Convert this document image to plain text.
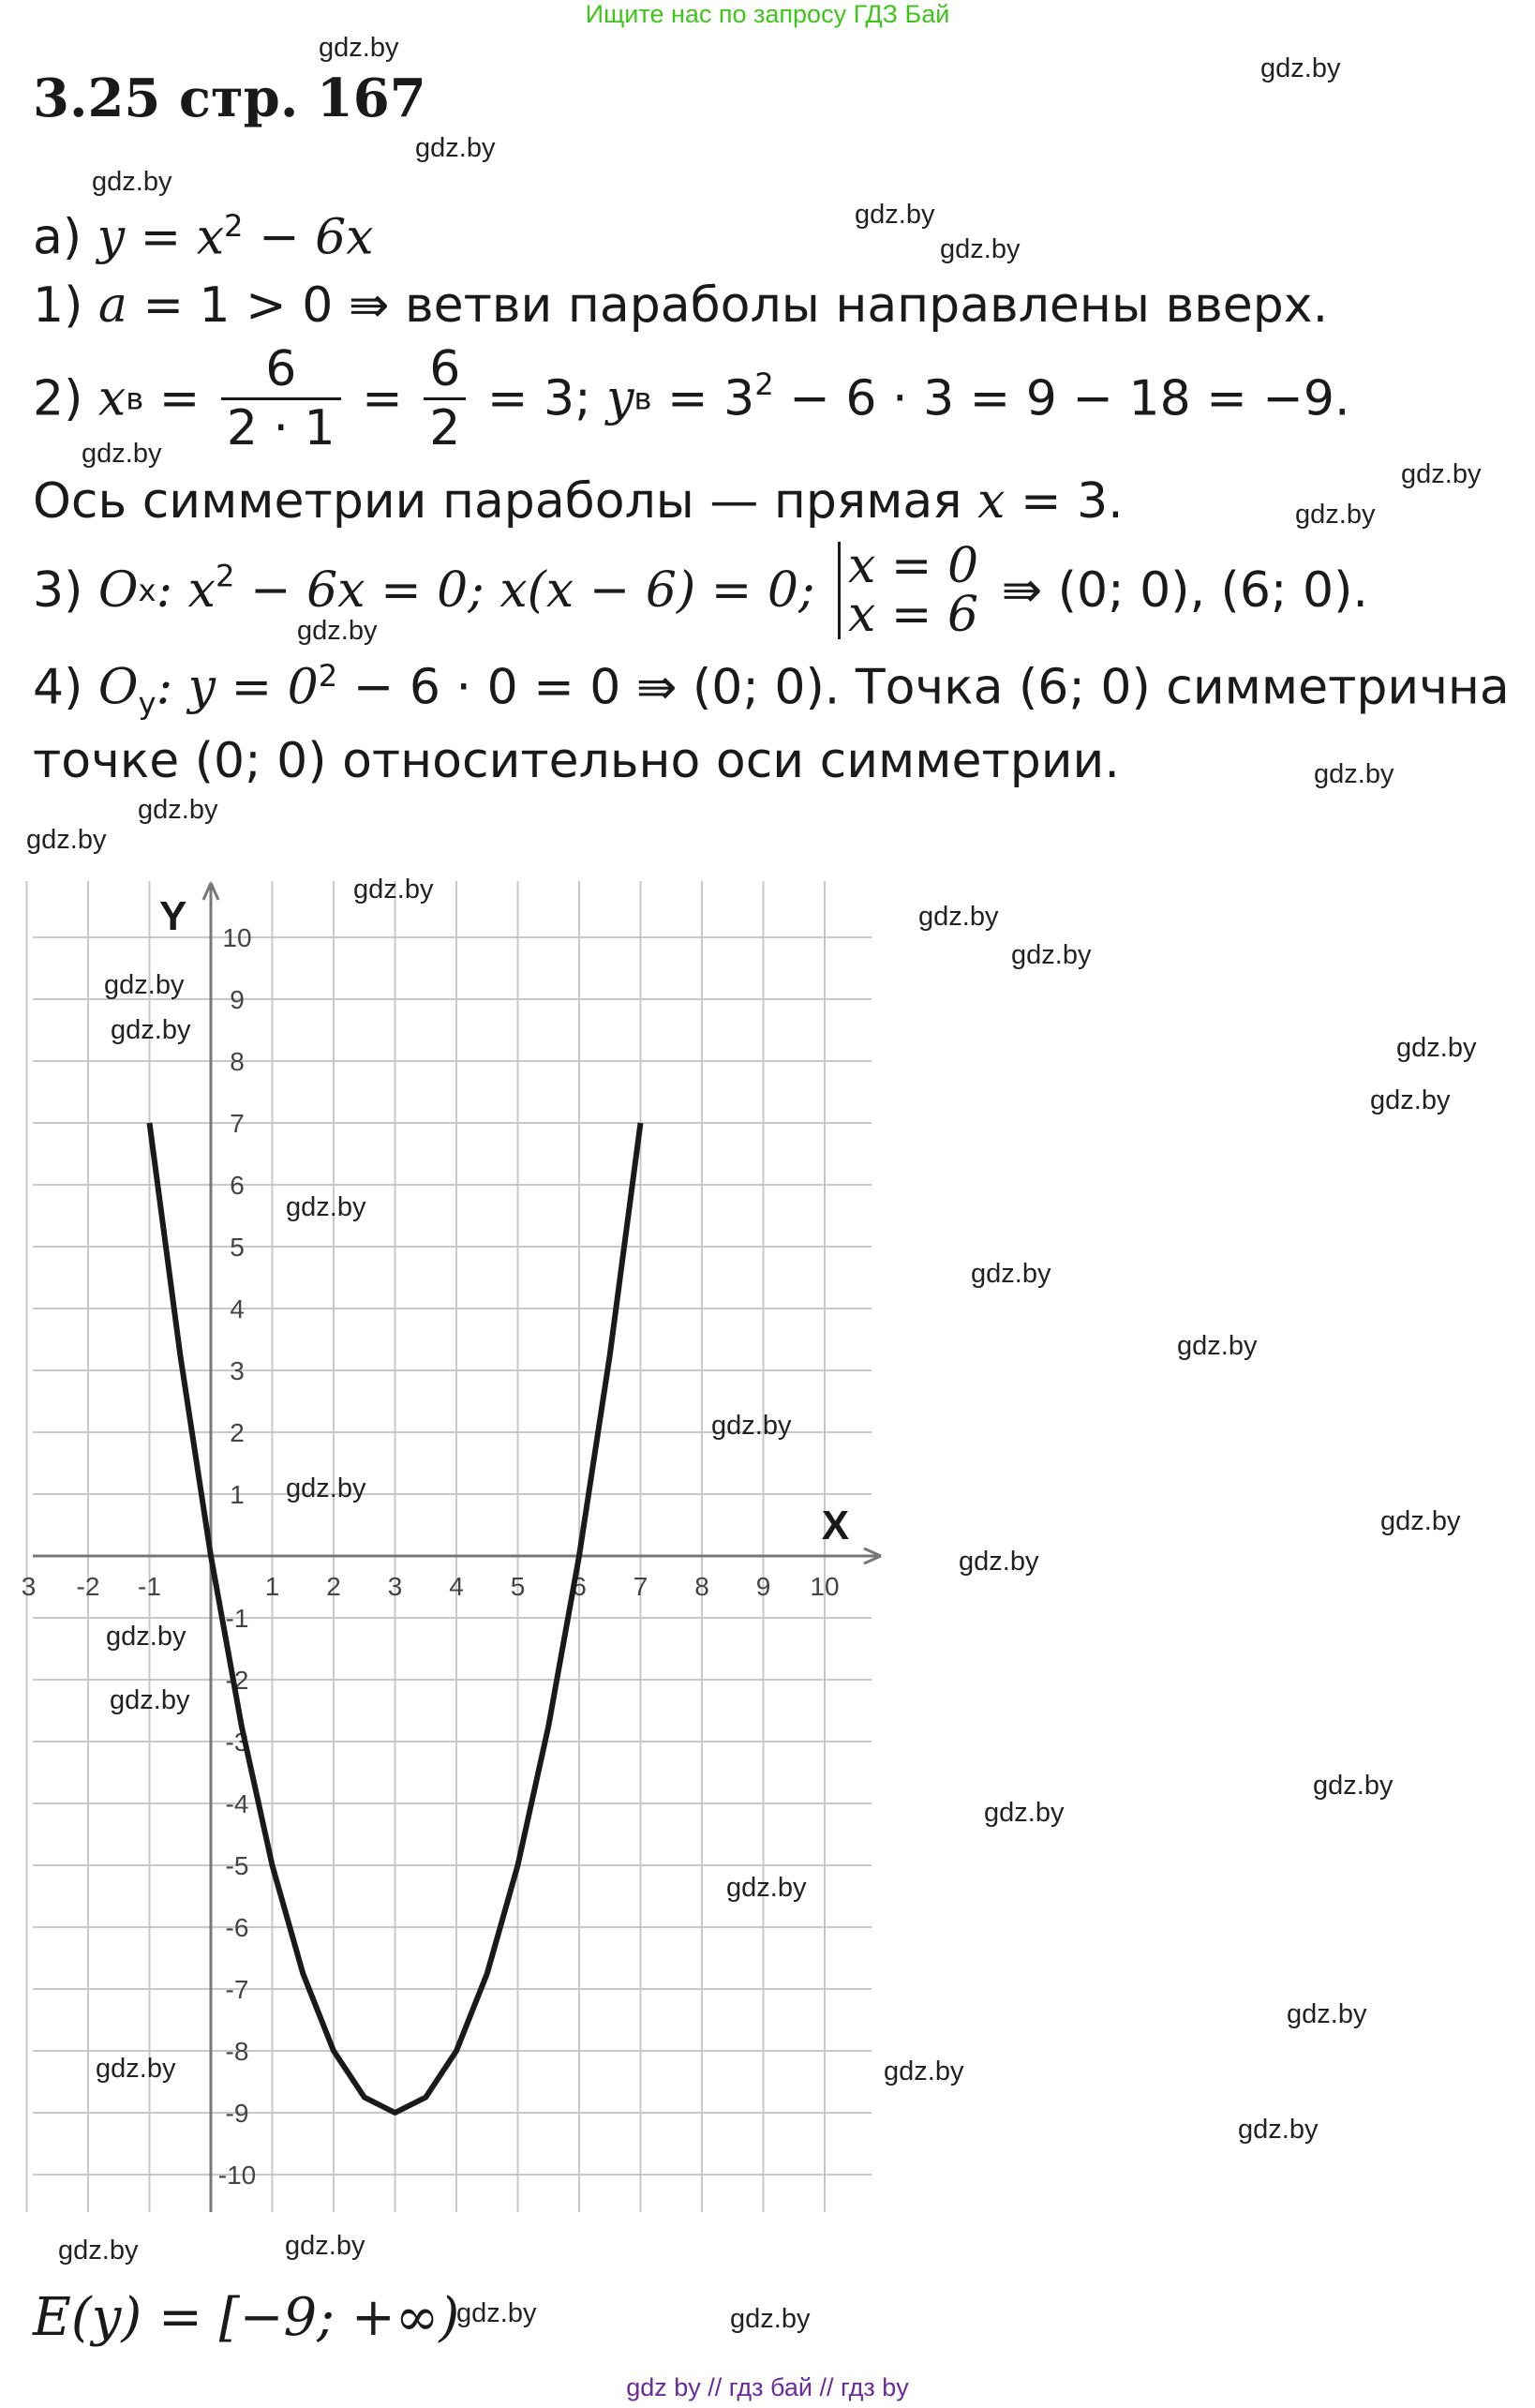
Ищите нас по запросу ГДЗ Бай
3.25 стр. 167
а) $y = x^2 - 6x$
1) a = 1 > 0 ⇛ ветви параболы направлены вверх.
2) xв = $\frac{6}{2 \cdot 1} = \frac{6}{2} = 3$; yв = $3^2 - 6 \cdot 3 = 9 - 18 = -9$.
Ось симметрии параболы — прямая x = 3.
3) Ox: $x^2 - 6x = 0$; x(x − 6) = 0; x = 0
x = 6 ⇛ (0; 0), (6; 0).
4) $O_y$: $y = 0^2 - 6 \cdot 0 = 0$ ⇛ (0; 0). Точка (6; 0) симметрична
точке (0; 0) относительно оси симметрии.
3 -2 -1	1 2 3 4 5 6 7 8 9 10
10
9
8
7
6
5
4
3
2
1
-1
-2
-3
-4
-5
-6
-7
-8
-9
-10
X
Y
E(y) = [−9; +∞)
gdz.by
gdz.by
gdz.by
gdz.by
gdz.by
gdz.by
gdz.by
gdz.by
gdz.by
gdz.by
gdz.by
gdz.by
gdz.by
gdz.by
gdz.by
gdz.by
gdz.by
gdz.by
gdz.by
gdz.by
gdz.by
gdz.by
gdz.by
gdz.by
gdz.by
gdz.by
gdz.by
gdz.by
gdz.by
gdz.by
gdz.by
gdz.by
gdz.by
gdz.by	gdz.by
gdz.by
gdz.by	gdz.by
gdz.by	gdz.by
gdz by // гдз бай // гдз by
